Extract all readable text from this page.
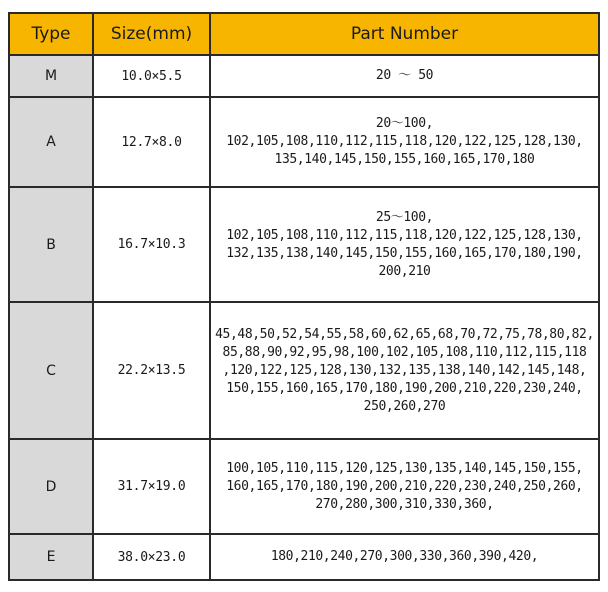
Type	Size(mm)	Part Number
M	10.0×5.5	20 〜 50

A	12.7×8.0	20〜100,
102,105,108,110,112,115,118,120,122,125,128,130,
135,140,145,150,155,160,165,170,180

B	16.7×10.3	25〜100,
102,105,108,110,112,115,118,120,122,125,128,130,
132,135,138,140,145,150,155,160,165,170,180,190,
200,210

C	22.2×13.5	45,48,50,52,54,55,58,60,62,65,68,70,72,75,78,80,82,
85,88,90,92,95,98,100,102,105,108,110,112,115,118
,120,122,125,128,130,132,135,138,140,142,145,148,
150,155,160,165,170,180,190,200,210,220,230,240,
250,260,270

D	31.7×19.0	100,105,110,115,120,125,130,135,140,145,150,155,
160,165,170,180,190,200,210,220,230,240,250,260,
270,280,300,310,330,360,

E	38.0×23.0	180,210,240,270,300,330,360,390,420,
